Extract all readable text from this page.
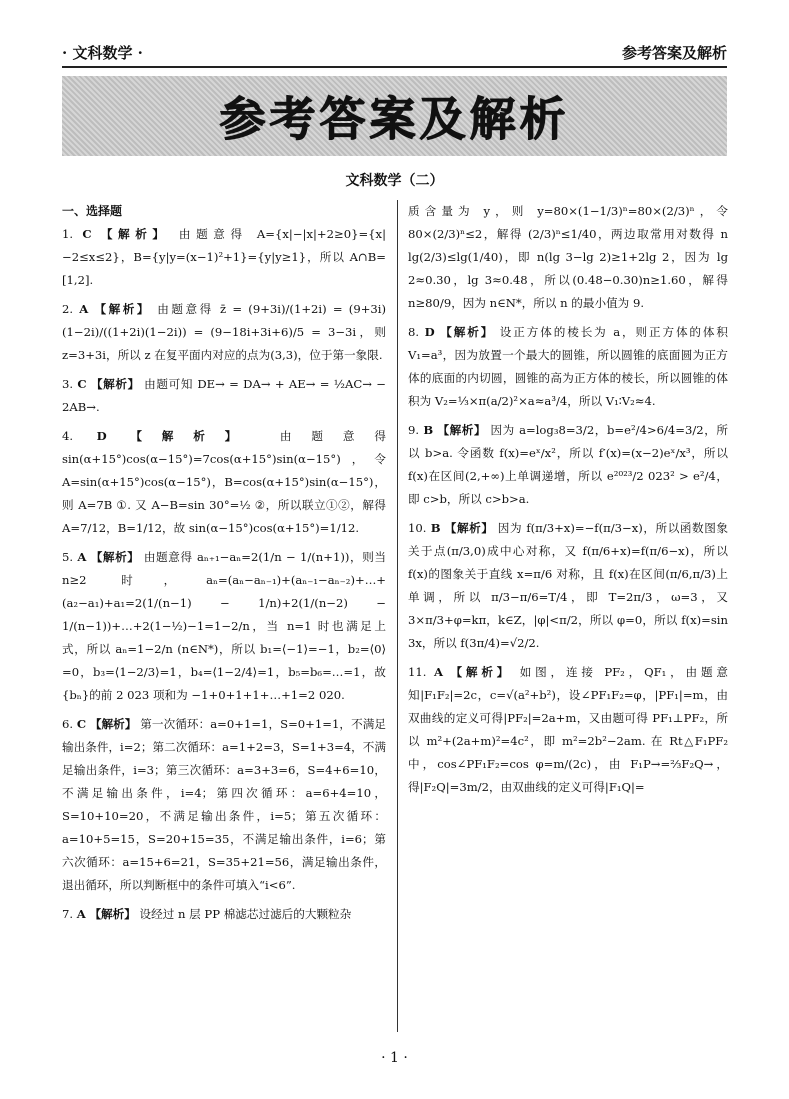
· 文科数学 ·	参考答案及解析
参考答案及解析
文科数学（二）
一、选择题

1. C 【解析】 由题意得 A={x|−|x|+2≥0}={x|−2≤x≤2}，B={y|y=(x−1)²+1}={y|y≥1}，所以 A∩B=[1,2].

2. A 【解析】 由题意得 z̄ = (9+3i)/(1+2i) = (9+3i)(1−2i)/((1+2i)(1−2i)) = (9−18i+3i+6)/5 = 3−3i，则 z=3+3i，所以 z 在复平面内对应的点为(3,3)，位于第一象限.

3. C 【解析】 由题可知 DE→ = DA→ + AE→ = ½AC→ − 2AB→.

4. D 【解析】 由题意得 sin(α+15°)cos(α−15°)=7cos(α+15°)sin(α−15°)，令 A=sin(α+15°)cos(α−15°)，B=cos(α+15°)sin(α−15°)，则 A=7B ①. 又 A−B=sin 30°=½ ②，所以联立①②，解得 A=7/12，B=1/12，故 sin(α−15°)cos(α+15°)=1/12.

5. A 【解析】 由题意得 aₙ₊₁−aₙ=2(1/n − 1/(n+1))，则当 n≥2 时，aₙ=(aₙ−aₙ₋₁)+(aₙ₋₁−aₙ₋₂)+…+(a₂−a₁)+a₁=2(1/(n−1) − 1/n)+2(1/(n−2) − 1/(n−1))+…+2(1−½)−1=1−2/n，当 n=1 时也满足上式，所以 aₙ=1−2/n (n∈N*)，所以 b₁=⟨−1⟩=−1，b₂=⟨0⟩=0，b₃=⟨1−2/3⟩=1，b₄=⟨1−2/4⟩=1，b₅=b₆=…=1，故{bₙ}的前 2 023 项和为 −1+0+1+1+…+1=2 020.

6. C 【解析】 第一次循环：a=0+1=1，S=0+1=1，不满足输出条件，i=2；第二次循环：a=1+2=3，S=1+3=4，不满足输出条件，i=3；第三次循环：a=3+3=6，S=4+6=10，不满足输出条件，i=4；第四次循环：a=6+4=10，S=10+10=20，不满足输出条件，i=5；第五次循环：a=10+5=15，S=20+15=35，不满足输出条件，i=6；第六次循环：a=15+6=21，S=35+21=56，满足输出条件，退出循环，所以判断框中的条件可填入“i<6”.

7. A 【解析】 设经过 n 层 PP 棉滤芯过滤后的大颗粒杂

质含量为 y，则 y=80×(1−1/3)ⁿ=80×(2/3)ⁿ，令 80×(2/3)ⁿ≤2，解得 (2/3)ⁿ≤1/40，两边取常用对数得 n lg(2/3)≤lg(1/40)，即 n(lg 3−lg 2)≥1+2lg 2，因为 lg 2≈0.30，lg 3≈0.48，所以(0.48−0.30)n≥1.60，解得 n≥80/9，因为 n∈N*，所以 n 的最小值为 9.

8. D 【解析】 设正方体的棱长为 a，则正方体的体积 V₁=a³，因为放置一个最大的圆锥，所以圆锥的底面圆为正方体的底面的内切圆，圆锥的高为正方体的棱长，所以圆锥的体积为 V₂=⅓×π(a/2)²×a≈a³/4，所以 V₁∶V₂≈4.

9. B 【解析】 因为 a=log₃8=3/2，b=e²/4>6/4=3/2，所以 b>a. 令函数 f(x)=eˣ/x²，所以 f′(x)=(x−2)eˣ/x³，所以 f(x)在区间(2,+∞)上单调递增，所以 e²⁰²³/2 023² > e²/4，即 c>b，所以 c>b>a.

10. B 【解析】 因为 f(π/3+x)=−f(π/3−x)，所以函数图象关于点(π/3,0)成中心对称，又 f(π/6+x)=f(π/6−x)，所以 f(x)的图象关于直线 x=π/6 对称，且 f(x)在区间(π/6,π/3)上单调，所以 π/3−π/6=T/4，即 T=2π/3，ω=3，又 3×π/3+φ=kπ，k∈Z，|φ|<π/2，所以 φ=0，所以 f(x)=sin 3x，所以 f(3π/4)=√2/2.

11. A 【解析】 如图，连接 PF₂，QF₁，由题意知|F₁F₂|=2c，c=√(a²+b²)，设∠PF₁F₂=φ，|PF₁|=m，由双曲线的定义可得|PF₂|=2a+m，又由题可得 PF₁⊥PF₂，所以 m²+(2a+m)²=4c²，即 m²=2b²−2am. 在 Rt△F₁PF₂ 中，cos∠PF₁F₂=cos φ=m/(2c)，由 F₁P→=⅔F₂Q→，得|F₂Q|=3m/2，由双曲线的定义可得|F₁Q|=

· 1 ·
